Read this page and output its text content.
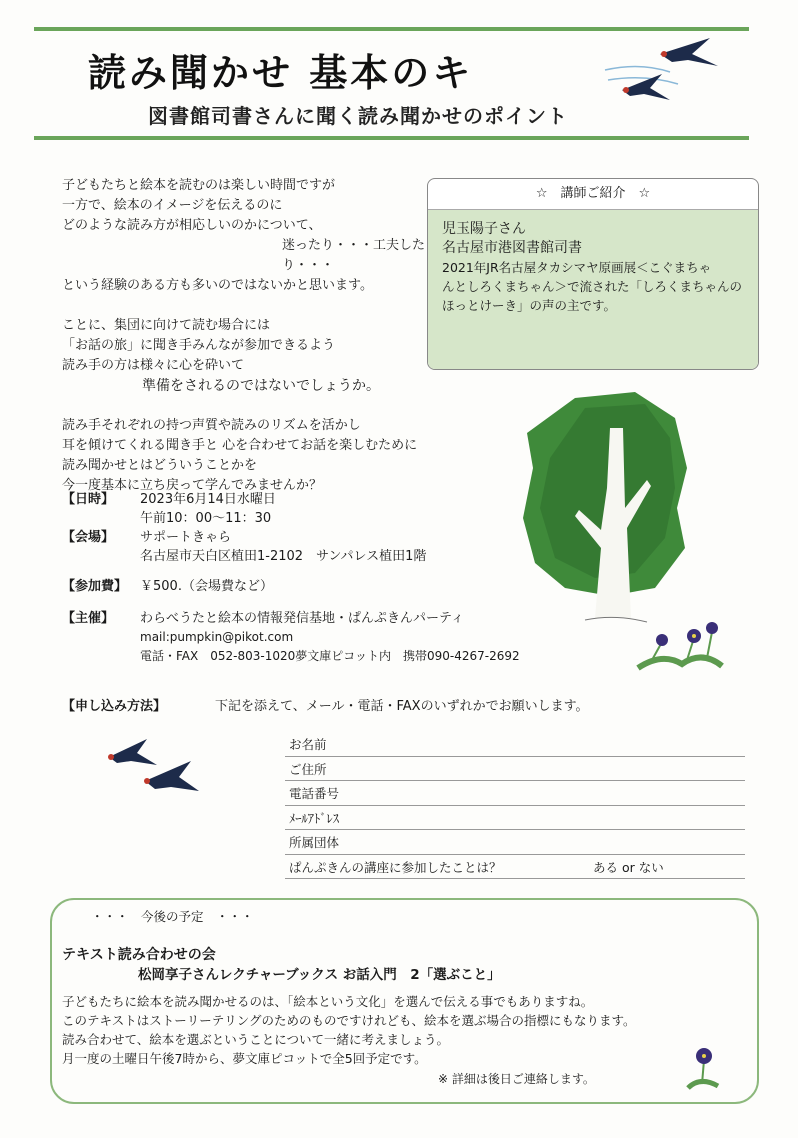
読み聞かせ 基本のキ
図書館司書さんに聞く読み聞かせのポイント

子どもたちと絵本を読むのは楽しい時間ですが

一方で、絵本のイメージを伝えるのに

どのような読み方が相応しいのかについて、

迷ったり・・・工夫したり・・・

という経験のある方も多いのではないかと思います。

ことに、集団に向けて読む場合には

「お話の旅」に聞き手みんなが参加できるよう

読み手の方は様々に心を砕いて

準備をされるのではないでしょうか。

読み手それぞれの持つ声質や読みのリズムを活かし

耳を傾けてくれる聞き手と 心を合わせてお話を楽しむために

読み聞かせとはどういうことかを

今一度基本に立ち戻って学んでみませんか？

☆　講師ご紹介　☆
児玉陽子さん
名古屋市港図書館司書
2021年JR名古屋タカシマヤ原画展＜こぐまちゃ
んとしろくまちゃん＞で流された「しろくまちゃんの
ほっとけーき」の声の主です。
【日時】	2023年6月14日水曜日
午前10：00～11：30
【会場】	サポートきゃら
名古屋市天白区植田1-2102　サンパレス植田1階
【参加費】 ￥500.（会場費など）
【主催】	わらべうたと絵本の情報発信基地・ぱんぷきんパーティ
mail:pumpkin@pikot.com
電話・FAX　052-803-1020夢文庫ピコット内　携帯090-4267-2692
【申し込み方法】	下記を添えて、メール・電話・FAXのいずれかでお願いします。
お名前
ご住所
電話番号
ﾒｰﾙｱﾄﾞﾚｽ
所属団体
ぱんぷきんの講座に参加したことは？	ある or ない
・・・　今後の予定　・・・
テキスト読み合わせの会
松岡享子さんレクチャーブックス お話入門　2「選ぶこと」

子どもたちに絵本を読み聞かせるのは、「絵本という文化」を選んで伝える事でもありますね。

このテキストはストーリーテリングのためのものですけれども、絵本を選ぶ場合の指標にもなります。

読み合わせて、絵本を選ぶということについて一緒に考えましょう。

月一度の土曜日午後7時から、夢文庫ピコットで全5回予定です。

※ 詳細は後日ご連絡します。
